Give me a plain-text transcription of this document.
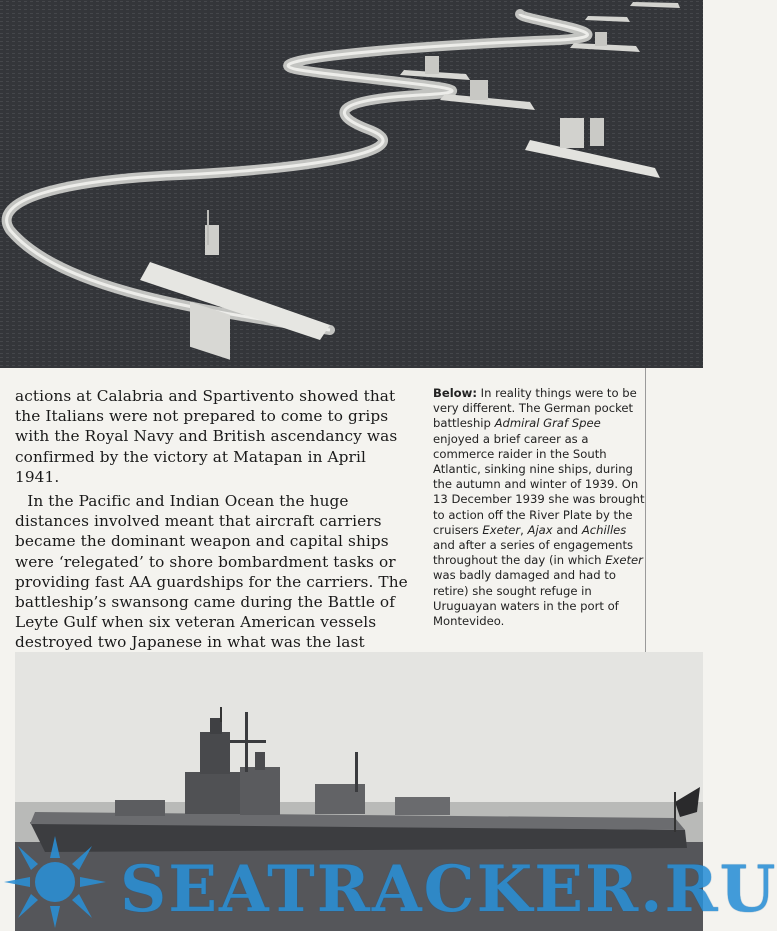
actions at Calabria and Spartivento showed that the Italians were not prepared to come to grips with the Royal Navy and British ascendancy was confirmed by the victory at Matapan in April 1941.

In the Pacific and Indian Ocean the huge distances involved meant that aircraft carriers became the dominant weapon and capital ships were ‘relegated’ to shore bombardment tasks or providing fast AA guardships for the carriers. The battleship’s swansong came during the Battle of Leyte Gulf when six veteran American vessels destroyed two Japanese in what was the last

Below: In reality things were to be very different. The German pocket battleship Admiral Graf Spee enjoyed a brief career as a commerce raider in the South Atlantic, sinking nine ships, during the autumn and winter of 1939. On 13 December 1939 she was brought to action off the River Plate by the cruisers Exeter, Ajax and Achilles and after a series of engagements throughout the day (in which Exeter was badly damaged and had to retire) she sought refuge in Uruguayan waters in the port of Montevideo.
SEATRACKER.RU
